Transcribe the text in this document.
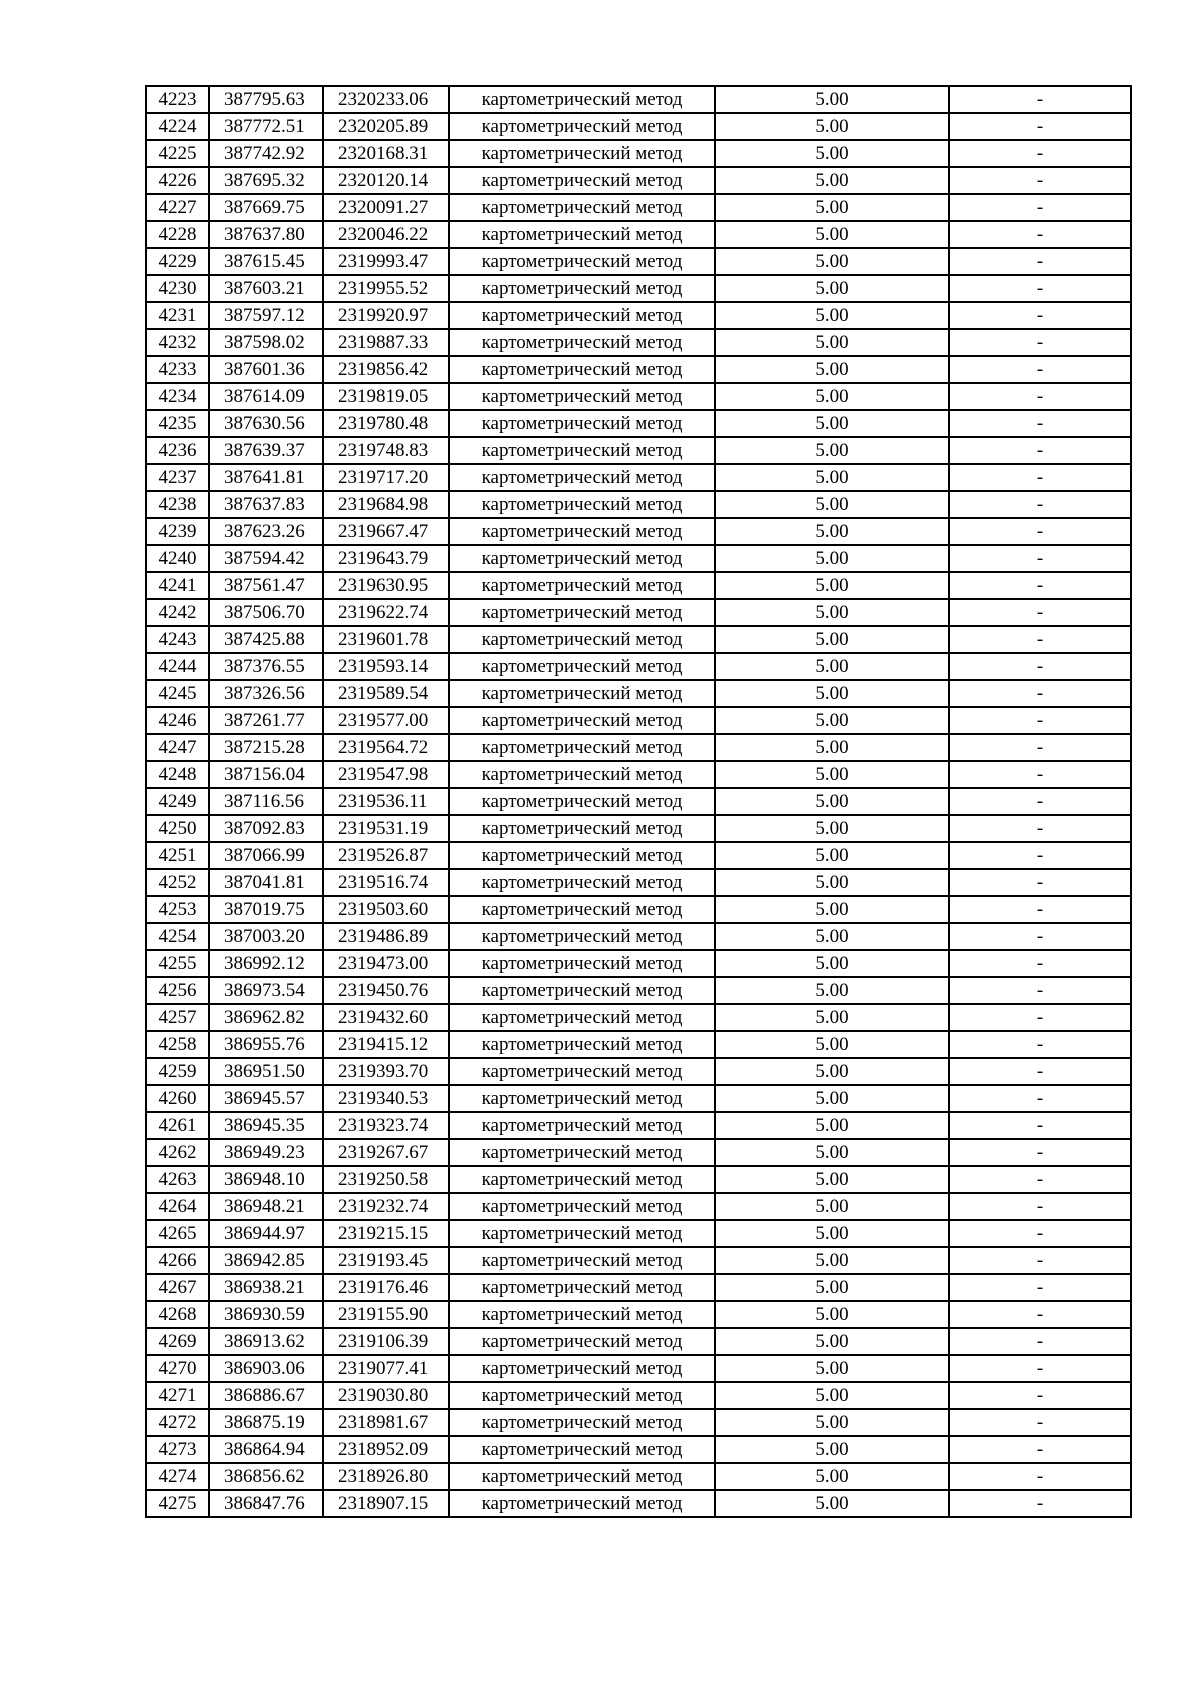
4223	387795.63	2320233.06	картометрический метод	5.00	-
4224	387772.51	2320205.89	картометрический метод	5.00	-
4225	387742.92	2320168.31	картометрический метод	5.00	-
4226	387695.32	2320120.14	картометрический метод	5.00	-
4227	387669.75	2320091.27	картометрический метод	5.00	-
4228	387637.80	2320046.22	картометрический метод	5.00	-
4229	387615.45	2319993.47	картометрический метод	5.00	-
4230	387603.21	2319955.52	картометрический метод	5.00	-
4231	387597.12	2319920.97	картометрический метод	5.00	-
4232	387598.02	2319887.33	картометрический метод	5.00	-
4233	387601.36	2319856.42	картометрический метод	5.00	-
4234	387614.09	2319819.05	картометрический метод	5.00	-
4235	387630.56	2319780.48	картометрический метод	5.00	-
4236	387639.37	2319748.83	картометрический метод	5.00	-
4237	387641.81	2319717.20	картометрический метод	5.00	-
4238	387637.83	2319684.98	картометрический метод	5.00	-
4239	387623.26	2319667.47	картометрический метод	5.00	-
4240	387594.42	2319643.79	картометрический метод	5.00	-
4241	387561.47	2319630.95	картометрический метод	5.00	-
4242	387506.70	2319622.74	картометрический метод	5.00	-
4243	387425.88	2319601.78	картометрический метод	5.00	-
4244	387376.55	2319593.14	картометрический метод	5.00	-
4245	387326.56	2319589.54	картометрический метод	5.00	-
4246	387261.77	2319577.00	картометрический метод	5.00	-
4247	387215.28	2319564.72	картометрический метод	5.00	-
4248	387156.04	2319547.98	картометрический метод	5.00	-
4249	387116.56	2319536.11	картометрический метод	5.00	-
4250	387092.83	2319531.19	картометрический метод	5.00	-
4251	387066.99	2319526.87	картометрический метод	5.00	-
4252	387041.81	2319516.74	картометрический метод	5.00	-
4253	387019.75	2319503.60	картометрический метод	5.00	-
4254	387003.20	2319486.89	картометрический метод	5.00	-
4255	386992.12	2319473.00	картометрический метод	5.00	-
4256	386973.54	2319450.76	картометрический метод	5.00	-
4257	386962.82	2319432.60	картометрический метод	5.00	-
4258	386955.76	2319415.12	картометрический метод	5.00	-
4259	386951.50	2319393.70	картометрический метод	5.00	-
4260	386945.57	2319340.53	картометрический метод	5.00	-
4261	386945.35	2319323.74	картометрический метод	5.00	-
4262	386949.23	2319267.67	картометрический метод	5.00	-
4263	386948.10	2319250.58	картометрический метод	5.00	-
4264	386948.21	2319232.74	картометрический метод	5.00	-
4265	386944.97	2319215.15	картометрический метод	5.00	-
4266	386942.85	2319193.45	картометрический метод	5.00	-
4267	386938.21	2319176.46	картометрический метод	5.00	-
4268	386930.59	2319155.90	картометрический метод	5.00	-
4269	386913.62	2319106.39	картометрический метод	5.00	-
4270	386903.06	2319077.41	картометрический метод	5.00	-
4271	386886.67	2319030.80	картометрический метод	5.00	-
4272	386875.19	2318981.67	картометрический метод	5.00	-
4273	386864.94	2318952.09	картометрический метод	5.00	-
4274	386856.62	2318926.80	картометрический метод	5.00	-
4275	386847.76	2318907.15	картометрический метод	5.00	-
